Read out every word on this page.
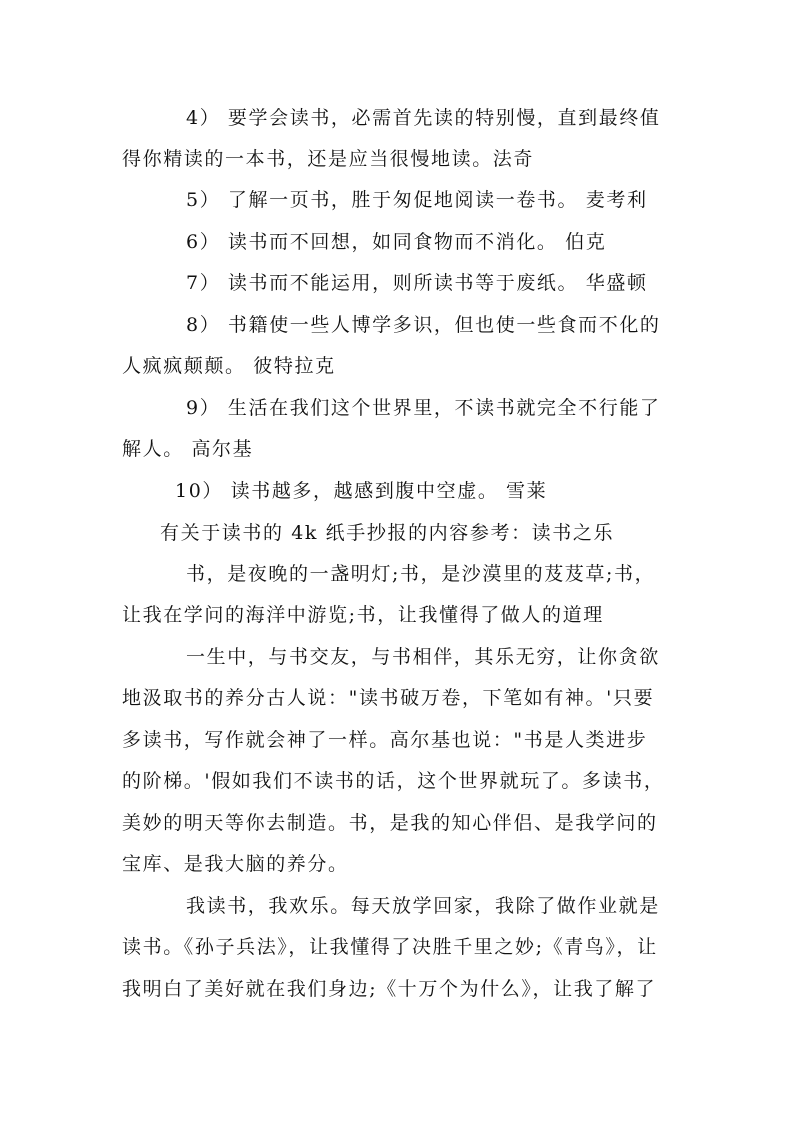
4） 要学会读书，必需首先读的特别慢，直到最终值
得你精读的一本书，还是应当很慢地读。法奇
5） 了解一页书，胜于匆促地阅读一卷书。 麦考利
6） 读书而不回想，如同食物而不消化。 伯克
7） 读书而不能运用，则所读书等于废纸。 华盛顿
8） 书籍使一些人博学多识，但也使一些食而不化的
人疯疯颠颠。 彼特拉克
9） 生活在我们这个世界里，不读书就完全不行能了
解人。 高尔基
10） 读书越多，越感到腹中空虚。 雪莱
有关于读书的 4k 纸手抄报的内容参考：读书之乐
书，是夜晚的一盏明灯;书，是沙漠里的芨芨草;书，
让我在学问的海洋中游览;书，让我懂得了做人的道理
一生中，与书交友，与书相伴，其乐无穷，让你贪欲
地汲取书的养分古人说："读书破万卷，下笔如有神。'只要
多读书，写作就会神了一样。高尔基也说："书是人类进步
的阶梯。'假如我们不读书的话，这个世界就玩了。多读书，
美妙的明天等你去制造。书，是我的知心伴侣、是我学问的
宝库、是我大脑的养分。
我读书，我欢乐。每天放学回家，我除了做作业就是
读书。《孙子兵法》，让我懂得了决胜千里之妙;《青鸟》，让
我明白了美好就在我们身边;《十万个为什么》，让我了解了
